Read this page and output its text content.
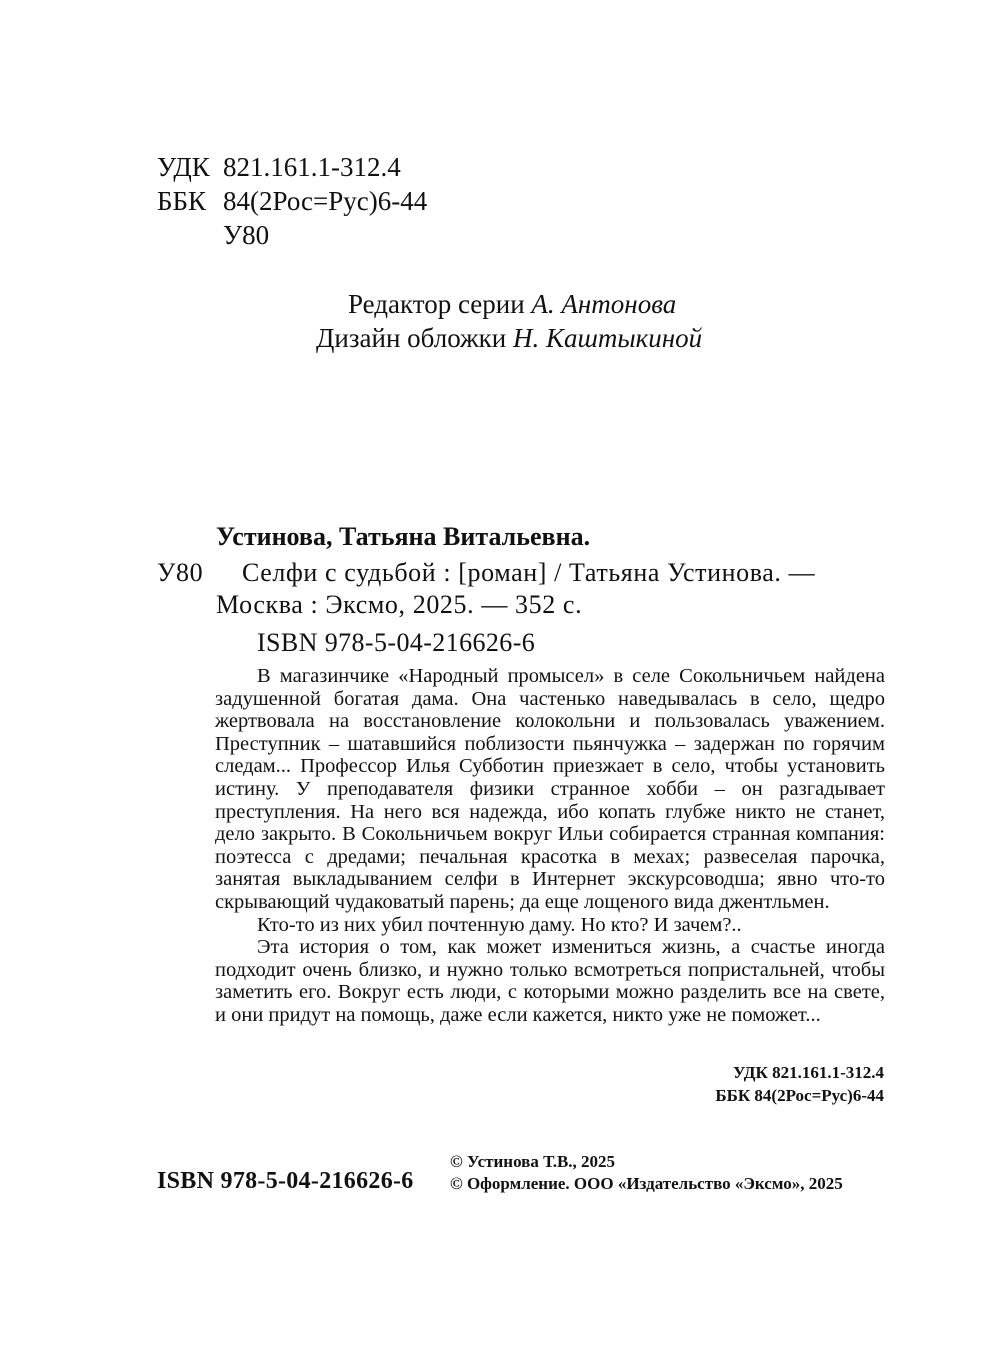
УДК 821.161.1-312.4
ББК 84(2Рос=Рус)6-44
У80
Редактор серии А. Антонова
Дизайн обложки Н. Каштыкиной
Устинова, Татьяна Витальевна.
У80 Селфи с судьбой : [роман] / Татьяна Устинова. —
Москва : Эксмо, 2025. — 352 с.
ISBN 978-5-04-216626-6

В магазинчике «Народный промысел» в селе Сокольничьем найдена задушенной богатая дама. Она частенько наведывалась в село, щедро жертвовала на восстановление колокольни и пользовалась уважением. Преступник – шатавшийся поблизости пьянчужка – задержан по горячим следам... Профессор Илья Субботин приезжает в село, чтобы установить истину. У преподавателя физики странное хобби – он разгадывает преступления. На него вся надежда, ибо копать глубже никто не станет, дело закрыто. В Сокольничьем вокруг Ильи собирается странная компания: поэтесса с дредами; печальная красотка в мехах; развеселая парочка, занятая выкладыванием селфи в Интернет экскурсоводша; явно что-то скрывающий чудаковатый парень; да еще лощеного вида джентльмен.

Кто-то из них убил почтенную даму. Но кто? И зачем?..

Эта история о том, как может измениться жизнь, а счастье иногда подходит очень близко, и нужно только всмотреться попристальней, чтобы заметить его. Вокруг есть люди, с которыми можно разделить все на свете, и они придут на помощь, даже если кажется, никто уже не поможет...

УДК 821.161.1-312.4
ББК 84(2Рос=Рус)6-44
ISBN 978-5-04-216626-6
© Устинова Т.В., 2025
© Оформление. ООО «Издательство «Эксмо», 2025
